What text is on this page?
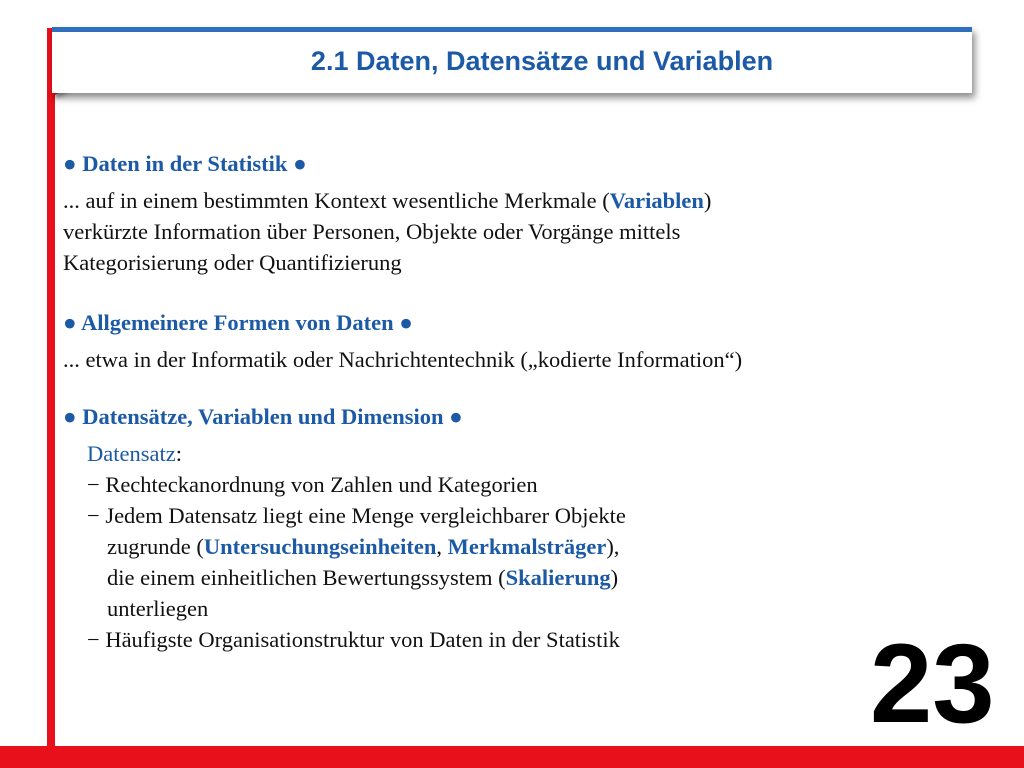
2.1 Daten, Datensätze und Variablen
● Daten in der Statistik ●

... auf in einem bestimmten Kontext wesentliche Merkmale (Variablen)
verkürzte Information über Personen, Objekte oder Vorgänge mittels
Kategorisierung oder Quantifizierung

● Allgemeinere Formen von Daten ●

... etwa in der Informatik oder Nachrichtentechnik („kodierte Information“)

● Datensätze, Variablen und Dimension ●
Datensatz:
− Rechteckanordnung von Zahlen und Kategorien
− Jedem Datensatz liegt eine Menge vergleichbarer Objekte
zugrunde (Untersuchungseinheiten, Merkmalsträger),
die einem einheitlichen Bewertungssystem (Skalierung)
unterliegen
− Häufigste Organisationstruktur von Daten in der Statistik	23
